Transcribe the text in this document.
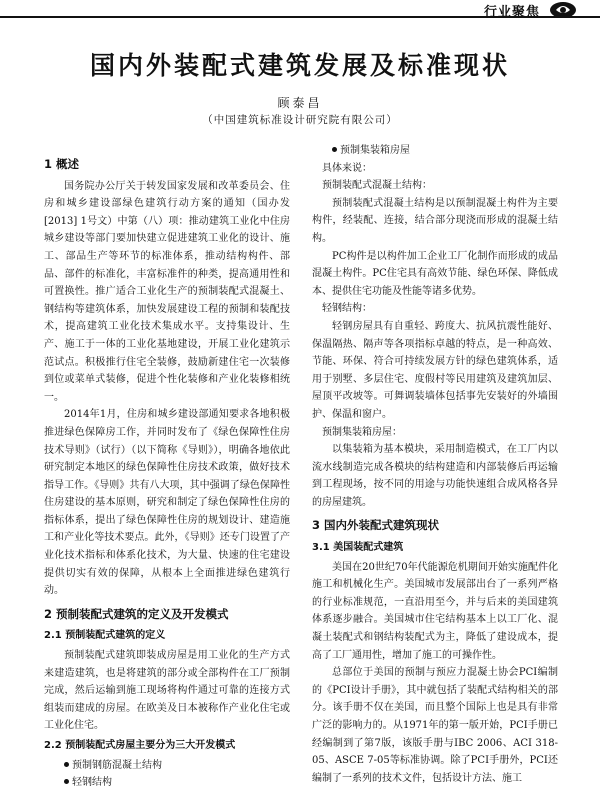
行业聚焦
国内外装配式建筑发展及标准现状
顾泰昌
（中国建筑标准设计研究院有限公司）
1 概述

国务院办公厅关于转发国家发展和改革委员会、住房和城乡建设部绿色建筑行动方案的通知（国办发[2013] 1号文）中第（八）项：推动建筑工业化中住房城乡建设等部门要加快建立促进建筑工业化的设计、施工、部品生产等环节的标准体系，推动结构构件、部品、部件的标准化，丰富标准件的种类，提高通用性和可置换性。推广适合工业化生产的预制装配式混凝土、钢结构等建筑体系，加快发展建设工程的预制和装配技术，提高建筑工业化技术集成水平。支持集设计、生产、施工于一体的工业化基地建设，开展工业化建筑示范试点。积极推行住宅全装修，鼓励新建住宅一次装修到位或菜单式装修，促进个性化装修和产业化装修相统一。

2014年1月，住房和城乡建设部通知要求各地积极推进绿色保障房工作，并同时发布了《绿色保障性住房技术导则》（试行）（以下简称《导则》），明确各地依此研究制定本地区的绿色保障性住房技术政策，做好技术指导工作。《导则》共有八大项，其中强调了绿色保障性住房建设的基本原则，研究和制定了绿色保障性住房的指标体系，提出了绿色保障性住房的规划设计、建造施工和产业化等技术要点。此外，《导则》还专门设置了产业化技术指标和体系化技术，为大量、快速的住宅建设提供切实有效的保障，从根本上全面推进绿色建筑行动。

2 预制装配式建筑的定义及开发模式
2.1 预制装配式建筑的定义

预制装配式建筑即装成房屋是用工业化的生产方式来建造建筑，也是将建筑的部分或全部构件在工厂预制完成，然后运输到施工现场将构件通过可靠的连接方式组装而建成的房屋。在欧美及日本被称作产业化住宅或工业化住宅。

2.2 预制装配式房屋主要分为三大开发模式

预制钢筋混凝土结构

轻钢结构

预制集装箱房屋

具体来说：

预制装配式混凝土结构：

预制装配式混凝土结构是以预制混凝土构件为主要构件，经装配、连接，结合部分现浇而形成的混凝土结构。

PC构件是以构件加工企业工厂化制作而形成的成品混凝土构件。PC住宅具有高效节能、绿色环保、降低成本、提供住宅功能及性能等诸多优势。

轻钢结构：

轻钢房屋具有自重轻、跨度大、抗风抗震性能好、保温隔热、隔声等各项指标卓越的特点，是一种高效、节能、环保、符合可持续发展方针的绿色建筑体系，适用于别墅、多层住宅、度假村等民用建筑及建筑加层、屋顶平改坡等。可舞调装墙体包括事先安装好的外墙围护、保温和窗户。

预制集装箱房屋：

以集装箱为基本模块，采用制造模式，在工厂内以流水线制造完成各模块的结构建造和内部装修后再运输到工程现场，按不同的用途与功能快速组合成风格各异的房屋建筑。

3 国内外装配式建筑现状
3.1 美国装配式建筑

美国在20世纪70年代能源危机期间开始实施配件化施工和机械化生产。美国城市发展部出台了一系列严格的行业标准规范，一直沿用至今，并与后来的美国建筑体系逐步融合。美国城市住宅结构基本上以工厂化、混凝土装配式和钢结构装配式为主，降低了建设成本，提高了工厂通用性，增加了施工的可操作性。

总部位于美国的预制与预应力混凝土协会PCI编制的《PCI设计手册》，其中就包括了装配式结构相关的部分。该手册不仅在美国，而且整个国际上也是具有非常广泛的影响力的。从1971年的第一版开始，PCI手册已经编制到了第7版，该版手册与IBC 2006、ACI 318-05、ASCE 7-05等标准协调。除了PCI手册外，PCI还编制了一系列的技术文件，包括设计方法、施工
